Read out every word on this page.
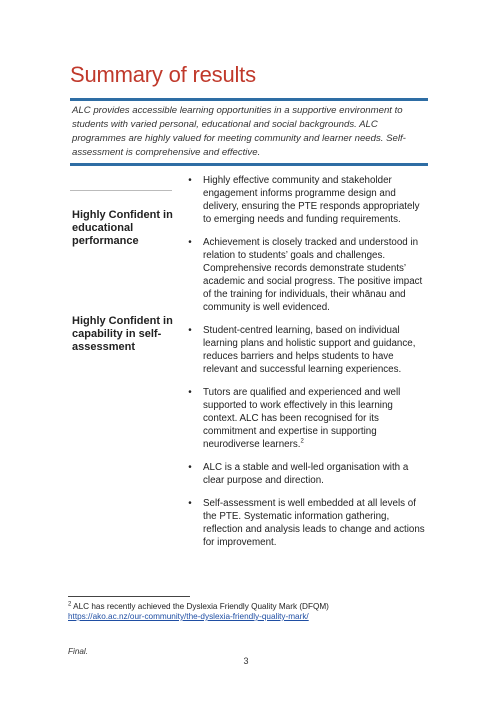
Summary of results
ALC provides accessible learning opportunities in a supportive environment to students with varied personal, educational and social backgrounds. ALC programmes are highly valued for meeting community and learner needs. Self-assessment is comprehensive and effective.
Highly Confident in educational performance
Highly Confident in capability in self-assessment
•	Highly effective community and stakeholder engagement informs programme design and delivery, ensuring the PTE responds appropriately to emerging needs and funding requirements.
•	Achievement is closely tracked and understood in relation to students’ goals and challenges. Comprehensive records demonstrate students’ academic and social progress. The positive impact of the training for individuals, their whānau and community is well evidenced.
•	Student-centred learning, based on individual learning plans and holistic support and guidance, reduces barriers and helps students to have relevant and successful learning experiences.
•	Tutors are qualified and experienced and well supported to work effectively in this learning context. ALC has been recognised for its commitment and expertise in supporting neurodiverse learners.$^2$
•	ALC is a stable and well-led organisation with a clear purpose and direction.
•	Self-assessment is well embedded at all levels of the PTE. Systematic information gathering, reflection and analysis leads to change and actions for improvement.
$^2$ ALC has recently achieved the Dyslexia Friendly Quality Mark (DFQM)
https://ako.ac.nz/our-community/the-dyslexia-friendly-quality-mark/
Final.
3
